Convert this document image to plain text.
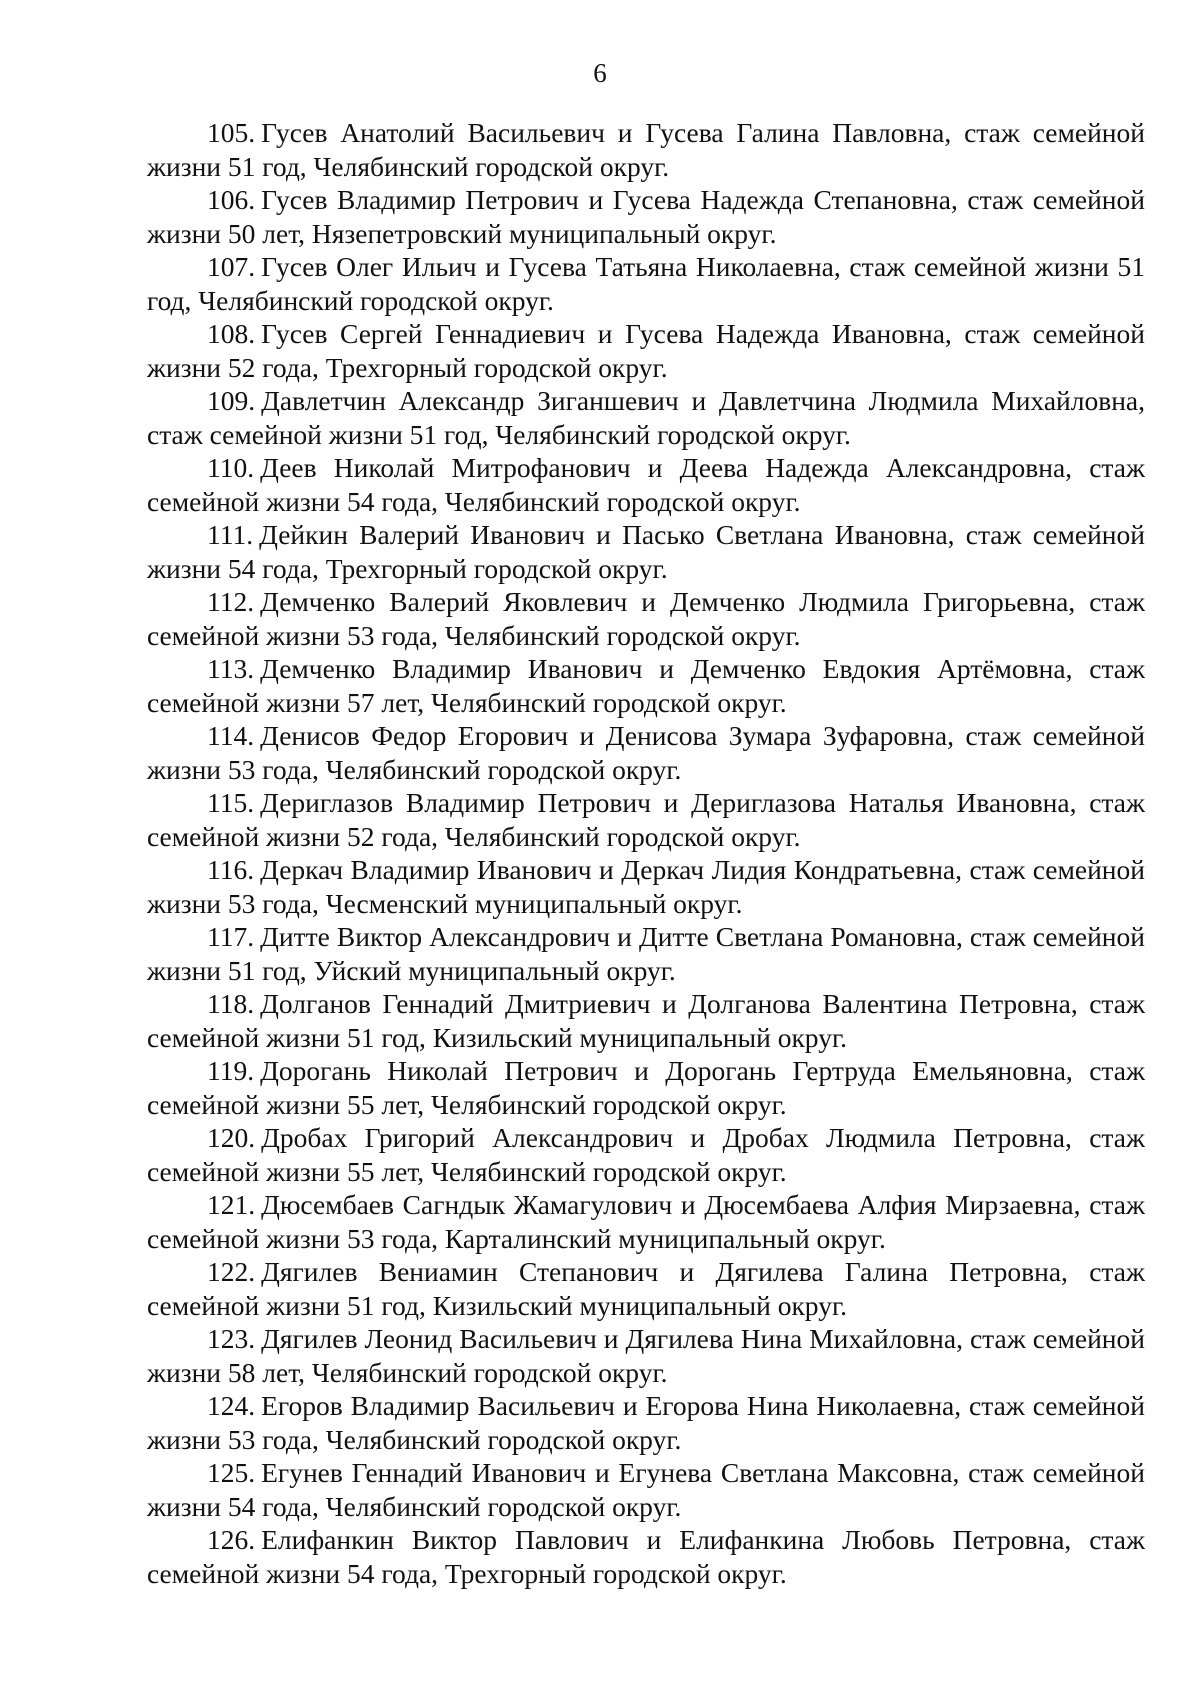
6
105. Гусев Анатолий Васильевич и Гусева Галина Павловна, стаж семейной жизни 51 год, Челябинский городской округ.
106. Гусев Владимир Петрович и Гусева Надежда Степановна, стаж семейной жизни 50 лет, Нязепетровский муниципальный округ.
107. Гусев Олег Ильич и Гусева Татьяна Николаевна, стаж семейной жизни 51 год, Челябинский городской округ.
108. Гусев Сергей Геннадиевич и Гусева Надежда Ивановна, стаж семейной жизни 52 года, Трехгорный городской округ.
109. Давлетчин Александр Зиганшевич и Давлетчина Людмила Михайловна, стаж семейной жизни 51 год, Челябинский городской округ.
110. Деев Николай Митрофанович и Деева Надежда Александровна, стаж семейной жизни 54 года, Челябинский городской округ.
111. Дейкин Валерий Иванович и Пасько Светлана Ивановна, стаж семейной жизни 54 года, Трехгорный городской округ.
112. Демченко Валерий Яковлевич и Демченко Людмила Григорьевна, стаж семейной жизни 53 года, Челябинский городской округ.
113. Демченко Владимир Иванович и Демченко Евдокия Артёмовна, стаж семейной жизни 57 лет, Челябинский городской округ.
114. Денисов Федор Егорович и Денисова Зумара Зуфаровна, стаж семейной жизни 53 года, Челябинский городской округ.
115. Дериглазов Владимир Петрович и Дериглазова Наталья Ивановна, стаж семейной жизни 52 года, Челябинский городской округ.
116. Деркач Владимир Иванович и Деркач Лидия Кондратьевна, стаж семейной жизни 53 года, Чесменский муниципальный округ.
117. Дитте Виктор Александрович и Дитте Светлана Романовна, стаж семейной жизни 51 год, Уйский муниципальный округ.
118. Долганов Геннадий Дмитриевич и Долганова Валентина Петровна, стаж семейной жизни 51 год, Кизильский муниципальный округ.
119. Дорогань Николай Петрович и Дорогань Гертруда Емельяновна, стаж семейной жизни 55 лет, Челябинский городской округ.
120. Дробах Григорий Александрович и Дробах Людмила Петровна, стаж семейной жизни 55 лет, Челябинский городской округ.
121. Дюсембаев Сагндык Жамагулович и Дюсембаева Алфия Мирзаевна, стаж семейной жизни 53 года, Карталинский муниципальный округ.
122. Дягилев Вениамин Степанович и Дягилева Галина Петровна, стаж семейной жизни 51 год, Кизильский муниципальный округ.
123. Дягилев Леонид Васильевич и Дягилева Нина Михайловна, стаж семейной жизни 58 лет, Челябинский городской округ.
124. Егоров Владимир Васильевич и Егорова Нина Николаевна, стаж семейной жизни 53 года, Челябинский городской округ.
125. Егунев Геннадий Иванович и Егунева Светлана Максовна, стаж семейной жизни 54 года, Челябинский городской округ.
126. Елифанкин Виктор Павлович и Елифанкина Любовь Петровна, стаж семейной жизни 54 года, Трехгорный городской округ.
